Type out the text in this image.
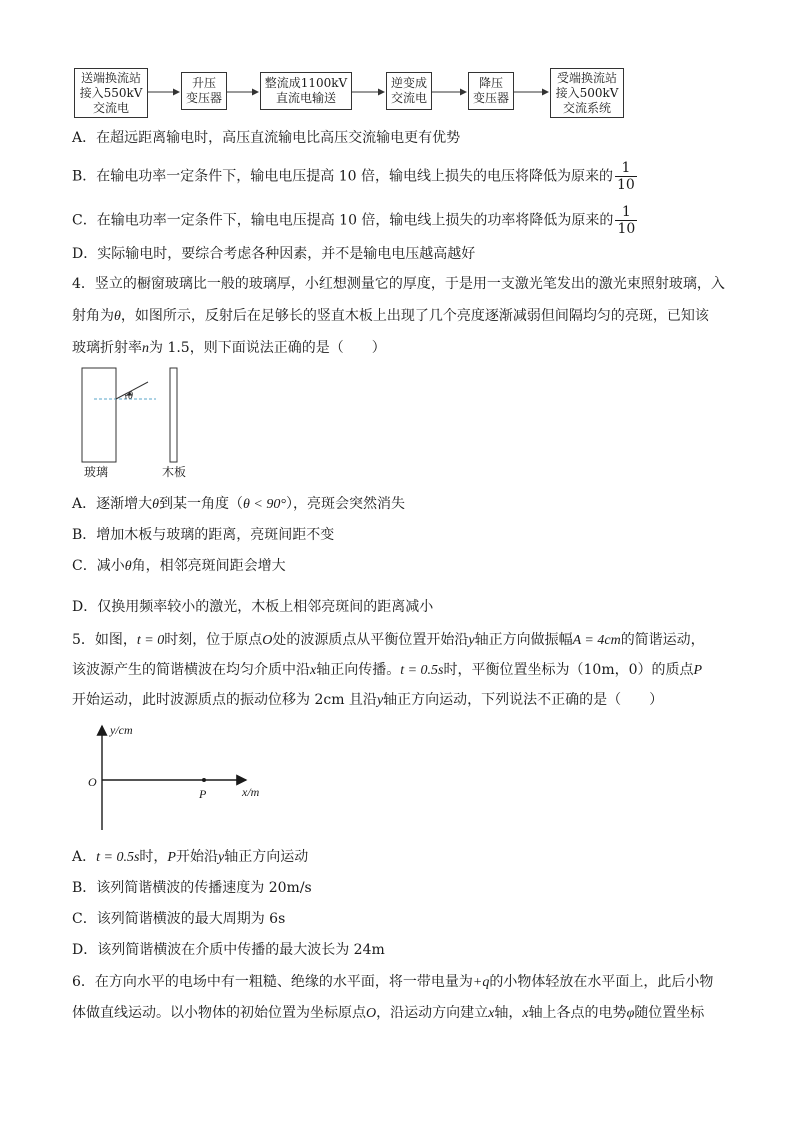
送端换流站
接入550kV
交流电
升压
变压器
整流成1100kV
直流电输送
逆变成
交流电
降压
变压器
受端换流站
接入500kV
交流系统
A．在超远距离输电时，高压直流输电比高压交流输电更有优势
B．在输电功率一定条件下，输电电压提高 10 倍，输电线上损失的电压将降低为原来的 $\frac{1}{10}$
C．在输电功率一定条件下，输电电压提高 10 倍，输电线上损失的功率将降低为原来的 $\frac{1}{10}$
D．实际输电时，要综合考虑各种因素，并不是输电电压越高越好
4．竖立的橱窗玻璃比一般的玻璃厚，小红想测量它的厚度，于是用一支激光笔发出的激光束照射玻璃，入
射角为θ，如图所示，反射后在足够长的竖直木板上出现了几个亮度逐渐减弱但间隔均匀的亮斑，已知该
玻璃折射率n为 1.5，则下面说法正确的是（　　）
θ
玻璃	木板
A．逐渐增大θ到某一角度（θ < 90°），亮斑会突然消失
B．增加木板与玻璃的距离，亮斑间距不变
C．减小θ角，相邻亮斑间距会增大
D．仅换用频率较小的激光，木板上相邻亮斑间的距离减小
5．如图，t = 0时刻，位于原点O处的波源质点从平衡位置开始沿y轴正方向做振幅A = 4cm的简谐运动，
该波源产生的简谐横波在均匀介质中沿x轴正向传播。t = 0.5s时，平衡位置坐标为（10m，0）的质点P
开始运动，此时波源质点的振动位移为 2cm 且沿y轴正方向运动，下列说法不正确的是（　　）
y/cm
x/m
O
P
A．t = 0.5s时，P开始沿y轴正方向运动
B．该列简谐横波的传播速度为 20m/s
C．该列简谐横波的最大周期为 6s
D．该列简谐横波在介质中传播的最大波长为 24m
6．在方向水平的电场中有一粗糙、绝缘的水平面，将一带电量为+q的小物体轻放在水平面上，此后小物
体做直线运动。以小物体的初始位置为坐标原点O，沿运动方向建立x轴，x轴上各点的电势φ随位置坐标
